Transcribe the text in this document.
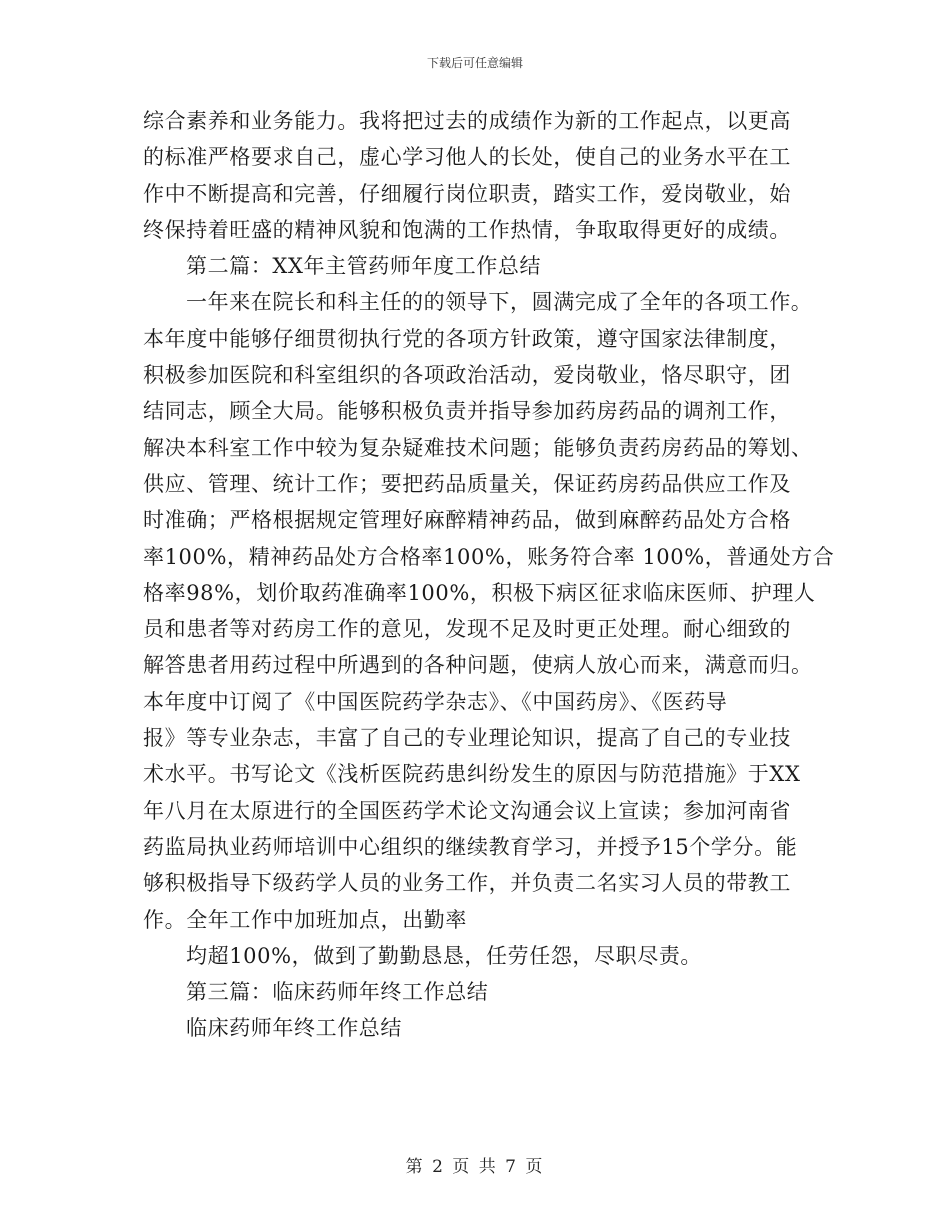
下载后可任意编辑
综合素养和业务能力。我将把过去的成绩作为新的工作起点，以更高
的标准严格要求自己，虚心学习他人的长处，使自己的业务水平在工
作中不断提高和完善，仔细履行岗位职责，踏实工作，爱岗敬业，始
终保持着旺盛的精神风貌和饱满的工作热情，争取取得更好的成绩。
第二篇：XX年主管药师年度工作总结
一年来在院长和科主任的的领导下，圆满完成了全年的各项工作。
本年度中能够仔细贯彻执行党的各项方针政策，遵守国家法律制度，
积极参加医院和科室组织的各项政治活动，爱岗敬业，恪尽职守，团
结同志，顾全大局。能够积极负责并指导参加药房药品的调剂工作，
解决本科室工作中较为复杂疑难技术问题；能够负责药房药品的筹划、
供应、管理、统计工作；要把药品质量关，保证药房药品供应工作及
时准确；严格根据规定管理好麻醉精神药品，做到麻醉药品处方合格
率100%，精神药品处方合格率100%，账务符合率 100%，普通处方合
格率98%，划价取药准确率100%，积极下病区征求临床医师、护理人
员和患者等对药房工作的意见，发现不足及时更正处理。耐心细致的
解答患者用药过程中所遇到的各种问题，使病人放心而来，满意而归。
本年度中订阅了《中国医院药学杂志》、《中国药房》、《医药导
报》等专业杂志，丰富了自己的专业理论知识，提高了自己的专业技
术水平。书写论文《浅析医院药患纠纷发生的原因与防范措施》于XX
年八月在太原进行的全国医药学术论文沟通会议上宣读；参加河南省
药监局执业药师培训中心组织的继续教育学习，并授予15个学分。能
够积极指导下级药学人员的业务工作，并负责二名实习人员的带教工
作。全年工作中加班加点，出勤率
均超100%，做到了勤勤恳恳，任劳任怨，尽职尽责。
第三篇：临床药师年终工作总结
临床药师年终工作总结
第 2 页 共 7 页
